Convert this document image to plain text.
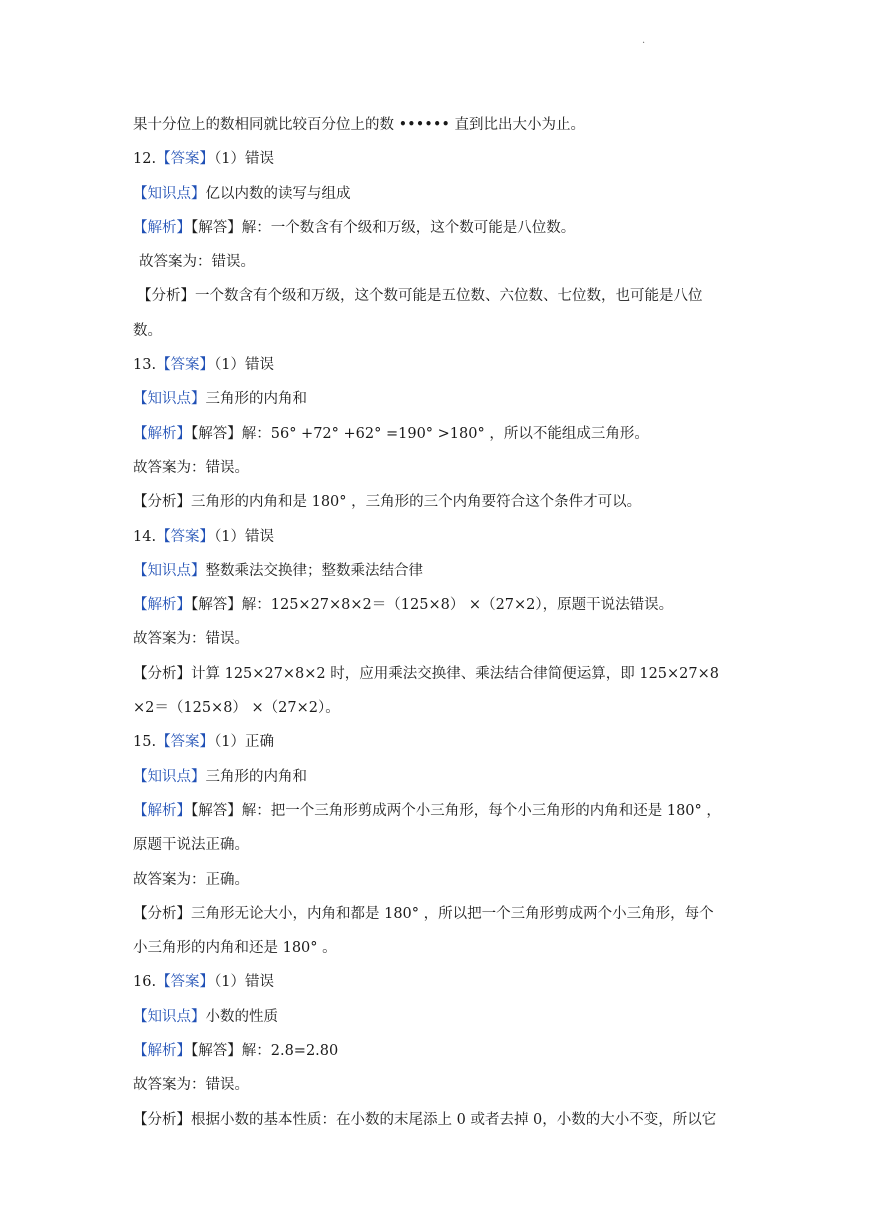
·
果十分位上的数相同就比较百分位上的数 •••••• 直到比出大小为止。
12.【答案】（1）错误
【知识点】亿以内数的读写与组成
【解析】【解答】解：一个数含有个级和万级，这个数可能是八位数。
故答案为：错误。
【分析】一个数含有个级和万级，这个数可能是五位数、六位数、七位数，也可能是八位
数。
13.【答案】（1）错误
【知识点】三角形的内角和
【解析】【解答】解：56° +72° +62° =190° >180° ，所以不能组成三角形。
故答案为：错误。
【分析】三角形的内角和是 180° ，三角形的三个内角要符合这个条件才可以。
14.【答案】（1）错误
【知识点】整数乘法交换律；整数乘法结合律
【解析】【解答】解：125×27×8×2＝（125×8） ×（27×2），原题干说法错误。
故答案为：错误。
【分析】计算 125×27×8×2 时，应用乘法交换律、乘法结合律简便运算，即 125×27×8
×2＝（125×8） ×（27×2）。
15.【答案】（1）正确
【知识点】三角形的内角和
【解析】【解答】解：把一个三角形剪成两个小三角形，每个小三角形的内角和还是 180° ，
原题干说法正确。
故答案为：正确。
【分析】三角形无论大小，内角和都是 180° ，所以把一个三角形剪成两个小三角形，每个
小三角形的内角和还是 180° 。
16.【答案】（1）错误
【知识点】小数的性质
【解析】【解答】解：2.8=2.80
故答案为：错误。
【分析】根据小数的基本性质：在小数的末尾添上 0 或者去掉 0，小数的大小不变，所以它
